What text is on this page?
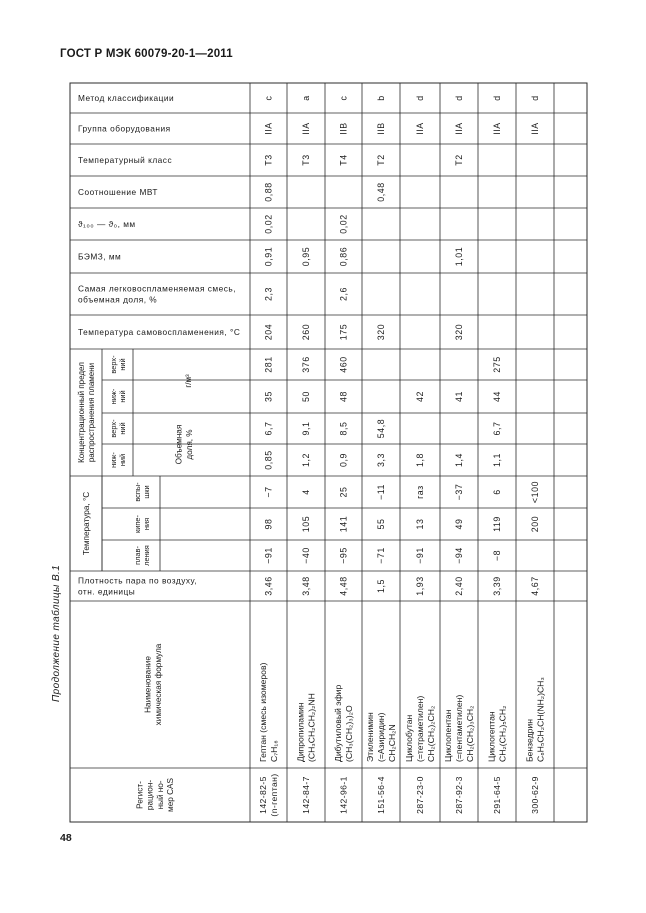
ГОСТ Р МЭК 60079-20-1—2011
Продолжение таблицы В.1
48
Метод классификации
Группа оборудования
Температурный класс
Соотношение МВТ
ϑ₁₀₀ — ϑ₀, мм
БЭМЗ, мм
Самая легковоспламеняемая смесь, объемная доля, %
Температура самовоспламенения, °С
Плотность пара по воздуху, отн. единицы
Концентрационный пределраспространения пламени верх-ний
ниж-ний
верх-ний
ниж-ний
г/м³
Объемнаядоля, %
Температура, °С	вспы-шки
кипе-ния
плав-ления
Наименованиехимическая формула
Регист-рацион-ный но-мер CAS
c
IIA
Т3
0,88
0,02
0,91
2,3
204
281
35
6,7
0,85
−7
98
−91
3,46
Гептан (смесь изомеров)C₇H₁₆
142-82-5(n-гептан)
a
IIA
Т3
0,95
260
376
50
9,1
1,2
4
105
−40
3,48
Дипропиламин(CH₃CH₂CH₂)₂NH
142-84-7
c
IIB
Т4
0,02
0,86
2,6
175
460
48
8,5
0,9
25
141
−95
4,48
Дибутиловый эфир(CH₃(CH₂)₃)₂O
142-96-1
b
IIB
Т2
0,48
320
54,8
3,3
−11
55
−71
1,5
Этиленимин(=Азиридин)CH₂CH₂N
151-56-4
d
IIA
42
1,8
газ
13
−91
1,93
Циклобутан(=тетраметилен)CH₂(CH₂)₂CH₂
287-23-0
d
IIA
Т2
1,01
320
41
1,4
−37
49
−94
2,40
Циклопентан(=пентаметилен)CH₂(CH₂)₃CH₂
287-92-3
d
IIA
275
44
6,7
1,1
6
119
−8
3,39
ЦиклогептанCH₂(CH₂)₅CH₂
291-64-5
d
IIA
<100
200
4,67
БензедринC₆H₅CH₂CH(NH₂)CH₃
300-62-9
